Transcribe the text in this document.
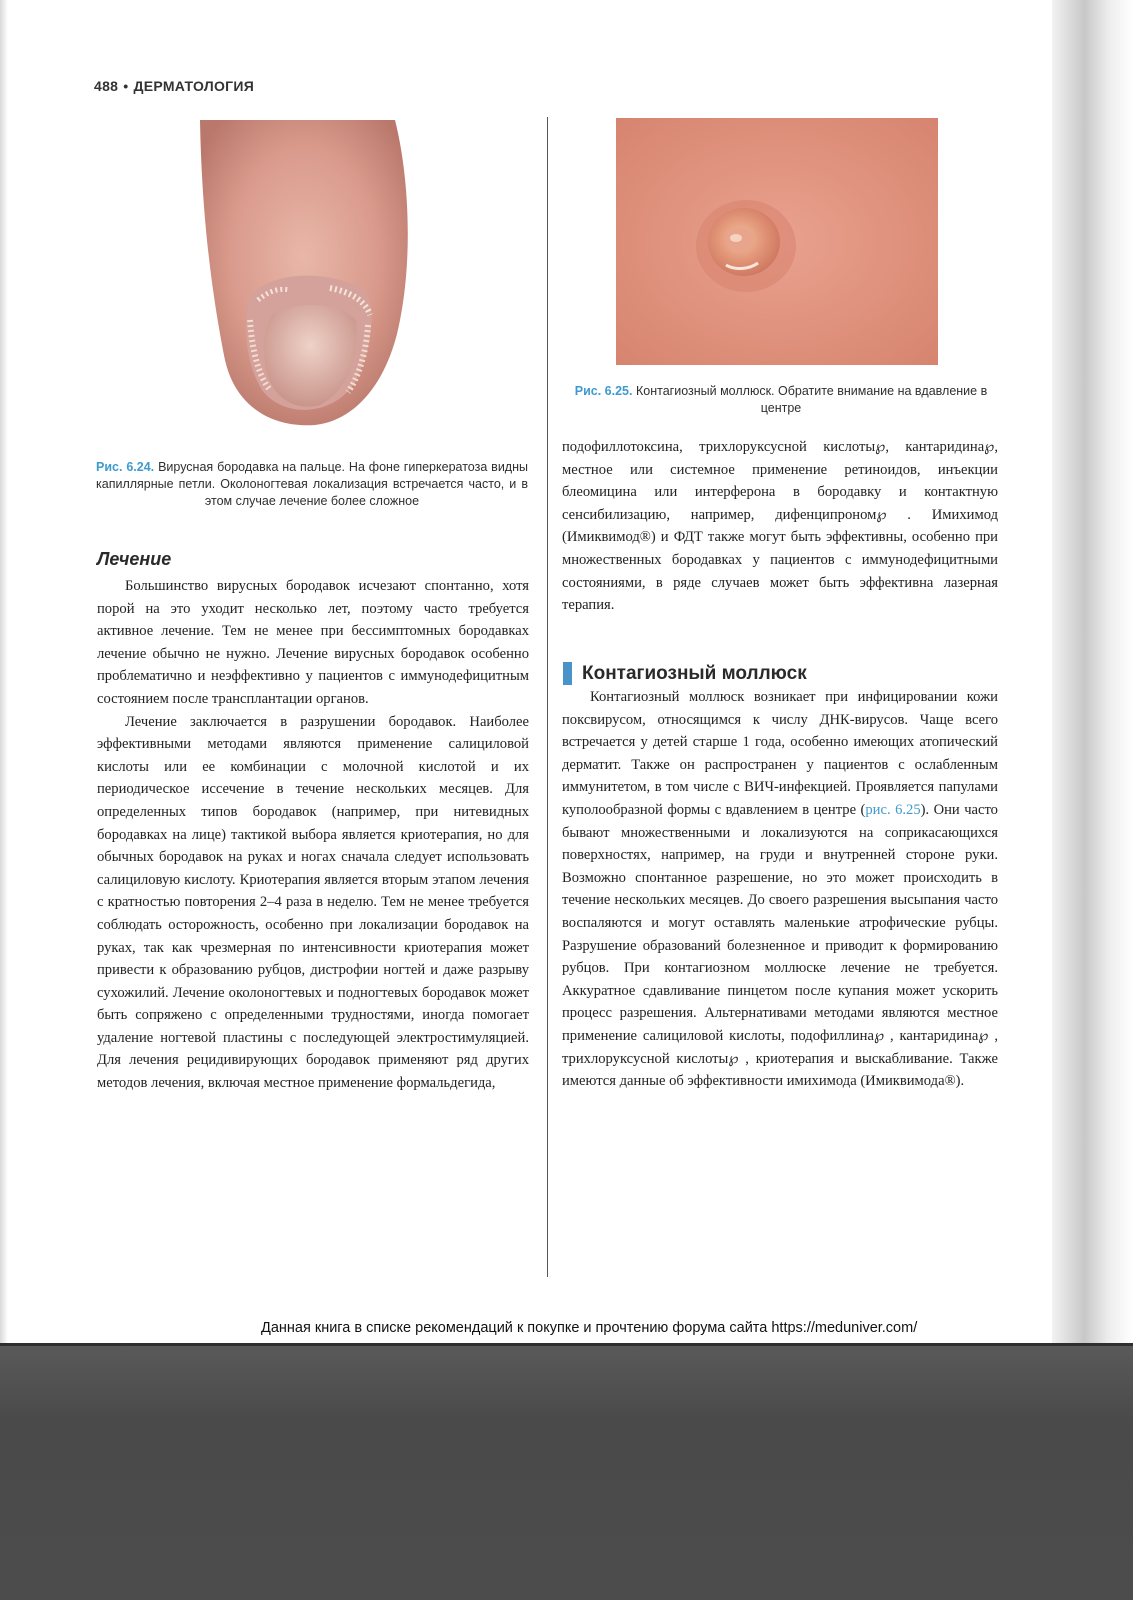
488 • ДЕРМАТОЛОГИЯ
Рис. 6.24. Вирусная бородавка на пальце. На фоне гиперкератоза видны капиллярные петли. Околоногтевая локализация встречается часто, и в этом случае лечение более сложное
Рис. 6.25. Контагиозный моллюск. Обратите внимание на вдавление в центре
Лечение

Большинство вирусных бородавок исчезают спонтанно, хотя порой на это уходит несколько лет, поэтому часто требуется активное лечение. Тем не менее при бессимптомных бородавках лечение обычно не нужно. Лечение вирусных бородавок особенно проблематично и неэффективно у пациентов с иммунодефицитным состоянием после трансплантации органов.

Лечение заключается в разрушении бородавок. Наиболее эффективными методами являются применение салициловой кислоты или ее комбинации с молочной кислотой и их периодическое иссечение в течение нескольких месяцев. Для определенных типов бородавок (например, при нитевидных бородавках на лице) тактикой выбора является криотерапия, но для обычных бородавок на руках и ногах сначала следует использовать салициловую кислоту. Криотерапия является вторым этапом лечения с кратностью повторения 2–4 раза в неделю. Тем не менее требуется соблюдать осторожность, особенно при локализации бородавок на руках, так как чрезмерная по интенсивности криотерапия может привести к образованию рубцов, дистрофии ногтей и даже разрыву сухожилий. Лечение околоногтевых и подногтевых бородавок может быть сопряжено с определенными трудностями, иногда помогает удаление ногтевой пластины с последующей электростимуляцией. Для лечения рецидивирующих бородавок применяют ряд других методов лечения, включая местное применение формальдегида,

подофиллотоксина, трихлоруксусной кислоты℘, кантаридина℘, местное или системное применение ретиноидов, инъекции блеомицина или интерферона в бородавку и контактную сенсибилизацию, например, дифенципроном℘ . Имихимод (Имиквимод®) и ФДТ также могут быть эффективны, особенно при множественных бородавках у пациентов с иммунодефицитными состояниями, в ряде случаев может быть эффективна лазерная терапия.

Контагиозный моллюск

Контагиозный моллюск возникает при инфицировании кожи поксвирусом, относящимся к числу ДНК-вирусов. Чаще всего встречается у детей старше 1 года, особенно имеющих атопический дерматит. Также он распространен у пациентов с ослабленным иммунитетом, в том числе с ВИЧ-инфекцией. Проявляется папулами куполообразной формы с вдавлением в центре (рис. 6.25). Они часто бывают множественными и локализуются на соприкасающихся поверхностях, например, на груди и внутренней стороне руки. Возможно спонтанное разрешение, но это может происходить в течение нескольких месяцев. До своего разрешения высыпания часто воспаляются и могут оставлять маленькие атрофические рубцы. Разрушение образований болезненное и приводит к формированию рубцов. При контагиозном моллюске лечение не требуется. Аккуратное сдавливание пинцетом после купания может ускорить процесс разрешения. Альтернативами методами являются местное применение салициловой кислоты, подофиллина℘ , кантаридина℘ , трихлоруксусной кислоты℘ , криотерапия и выскабливание. Также имеются данные об эффективности имихимода (Имиквимода®).

Данная книга в списке рекомендаций к покупке и прочтению форума сайта https://meduniver.com/
